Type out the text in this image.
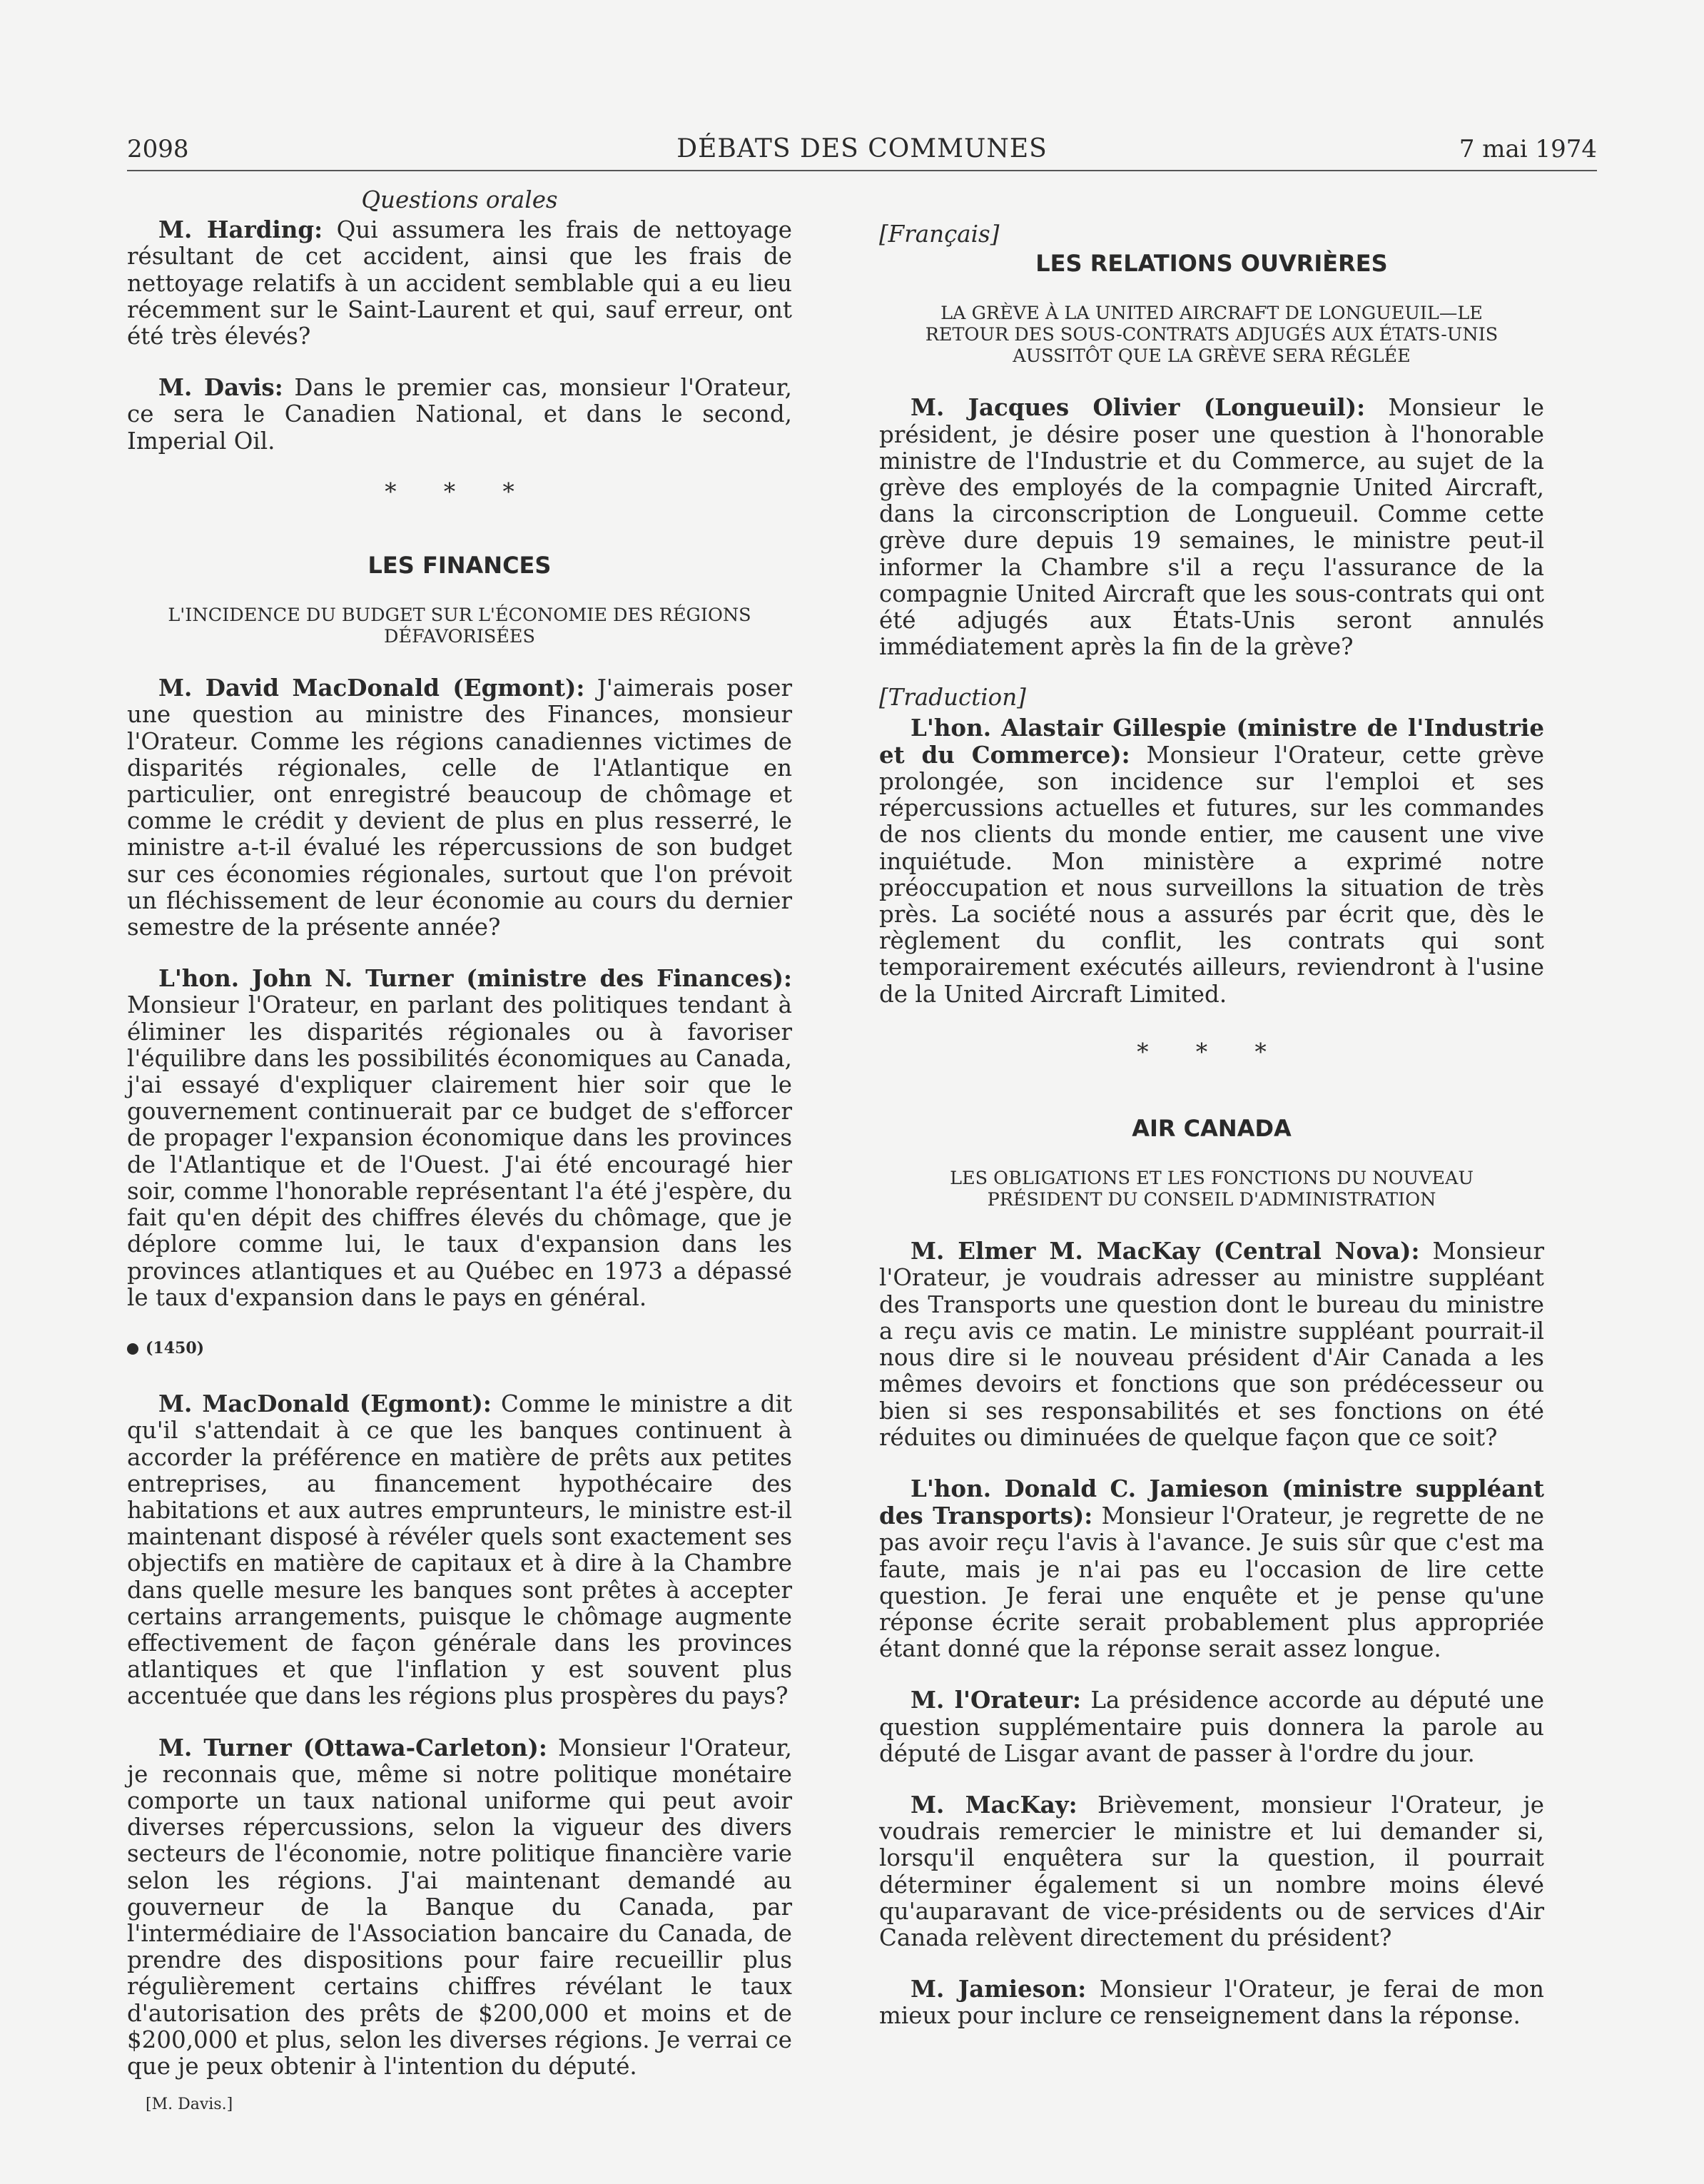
2098	DÉBATS DES COMMUNES	7 mai 1974
Questions orales

M. Harding: Qui assumera les frais de nettoyage résultant de cet accident, ainsi que les frais de nettoyage relatifs à un accident semblable qui a eu lieu récemment sur le Saint-Laurent et qui, sauf erreur, ont été très élevés?

M. Davis: Dans le premier cas, monsieur l'Orateur, ce sera le Canadien National, et dans le second, Imperial Oil.

* * *
LES FINANCES
L'INCIDENCE DU BUDGET SUR L'ÉCONOMIE DES RÉGIONS DÉFAVORISÉES

M. David MacDonald (Egmont): J'aimerais poser une question au ministre des Finances, monsieur l'Orateur. Comme les régions canadiennes victimes de disparités régionales, celle de l'Atlantique en particulier, ont enregistré beaucoup de chômage et comme le crédit y devient de plus en plus resserré, le ministre a-t-il évalué les répercussions de son budget sur ces économies régionales, surtout que l'on prévoit un fléchissement de leur économie au cours du dernier semestre de la présente année?

L'hon. John N. Turner (ministre des Finances): Monsieur l'Orateur, en parlant des politiques tendant à éliminer les disparités régionales ou à favoriser l'équilibre dans les possibilités économiques au Canada, j'ai essayé d'expliquer clairement hier soir que le gouvernement continuerait par ce budget de s'efforcer de propager l'expansion économique dans les provinces de l'Atlantique et de l'Ouest. J'ai été encouragé hier soir, comme l'honorable représentant l'a été j'espère, du fait qu'en dépit des chiffres élevés du chômage, que je déplore comme lui, le taux d'expansion dans les provinces atlantiques et au Québec en 1973 a dépassé le taux d'expansion dans le pays en général.

(1450)

M. MacDonald (Egmont): Comme le ministre a dit qu'il s'attendait à ce que les banques continuent à accorder la préférence en matière de prêts aux petites entreprises, au financement hypothécaire des habitations et aux autres emprunteurs, le ministre est-il maintenant disposé à révéler quels sont exactement ses objectifs en matière de capitaux et à dire à la Chambre dans quelle mesure les banques sont prêtes à accepter certains arrangements, puisque le chômage augmente effectivement de façon générale dans les provinces atlantiques et que l'inflation y est souvent plus accentuée que dans les régions plus prospères du pays?

M. Turner (Ottawa-Carleton): Monsieur l'Orateur, je reconnais que, même si notre politique monétaire comporte un taux national uniforme qui peut avoir diverses répercussions, selon la vigueur des divers secteurs de l'économie, notre politique financière varie selon les régions. J'ai maintenant demandé au gouverneur de la Banque du Canada, par l'intermédiaire de l'Association bancaire du Canada, de prendre des dispositions pour faire recueillir plus régulièrement certains chiffres révélant le taux d'autorisation des prêts de $200,000 et moins et de $200,000 et plus, selon les diverses régions. Je verrai ce que je peux obtenir à l'intention du député.

[M. Davis.]
[Français]
LES RELATIONS OUVRIÈRES
LA GRÈVE À LA UNITED AIRCRAFT DE LONGUEUIL—LE RETOUR DES SOUS-CONTRATS ADJUGÉS AUX ÉTATS-UNIS AUSSITÔT QUE LA GRÈVE SERA RÉGLÉE

M. Jacques Olivier (Longueuil): Monsieur le président, je désire poser une question à l'honorable ministre de l'Industrie et du Commerce, au sujet de la grève des employés de la compagnie United Aircraft, dans la circonscription de Longueuil. Comme cette grève dure depuis 19 semaines, le ministre peut-il informer la Chambre s'il a reçu l'assurance de la compagnie United Aircraft que les sous-contrats qui ont été adjugés aux États-Unis seront annulés immédiatement après la fin de la grève?

[Traduction]

L'hon. Alastair Gillespie (ministre de l'Industrie et du Commerce): Monsieur l'Orateur, cette grève prolongée, son incidence sur l'emploi et ses répercussions actuelles et futures, sur les commandes de nos clients du monde entier, me causent une vive inquiétude. Mon ministère a exprimé notre préoccupation et nous surveillons la situation de très près. La société nous a assurés par écrit que, dès le règlement du conflit, les contrats qui sont temporairement exécutés ailleurs, reviendront à l'usine de la United Aircraft Limited.

* * *
AIR CANADA
LES OBLIGATIONS ET LES FONCTIONS DU NOUVEAU PRÉSIDENT DU CONSEIL D'ADMINISTRATION

M. Elmer M. MacKay (Central Nova): Monsieur l'Orateur, je voudrais adresser au ministre suppléant des Transports une question dont le bureau du ministre a reçu avis ce matin. Le ministre suppléant pourrait-il nous dire si le nouveau président d'Air Canada a les mêmes devoirs et fonctions que son prédécesseur ou bien si ses responsabilités et ses fonctions on été réduites ou diminuées de quelque façon que ce soit?

L'hon. Donald C. Jamieson (ministre suppléant des Transports): Monsieur l'Orateur, je regrette de ne pas avoir reçu l'avis à l'avance. Je suis sûr que c'est ma faute, mais je n'ai pas eu l'occasion de lire cette question. Je ferai une enquête et je pense qu'une réponse écrite serait probablement plus appropriée étant donné que la réponse serait assez longue.

M. l'Orateur: La présidence accorde au député une question supplémentaire puis donnera la parole au député de Lisgar avant de passer à l'ordre du jour.

M. MacKay: Brièvement, monsieur l'Orateur, je voudrais remercier le ministre et lui demander si, lorsqu'il enquêtera sur la question, il pourrait déterminer également si un nombre moins élevé qu'auparavant de vice-présidents ou de services d'Air Canada relèvent directement du président?

M. Jamieson: Monsieur l'Orateur, je ferai de mon mieux pour inclure ce renseignement dans la réponse.
